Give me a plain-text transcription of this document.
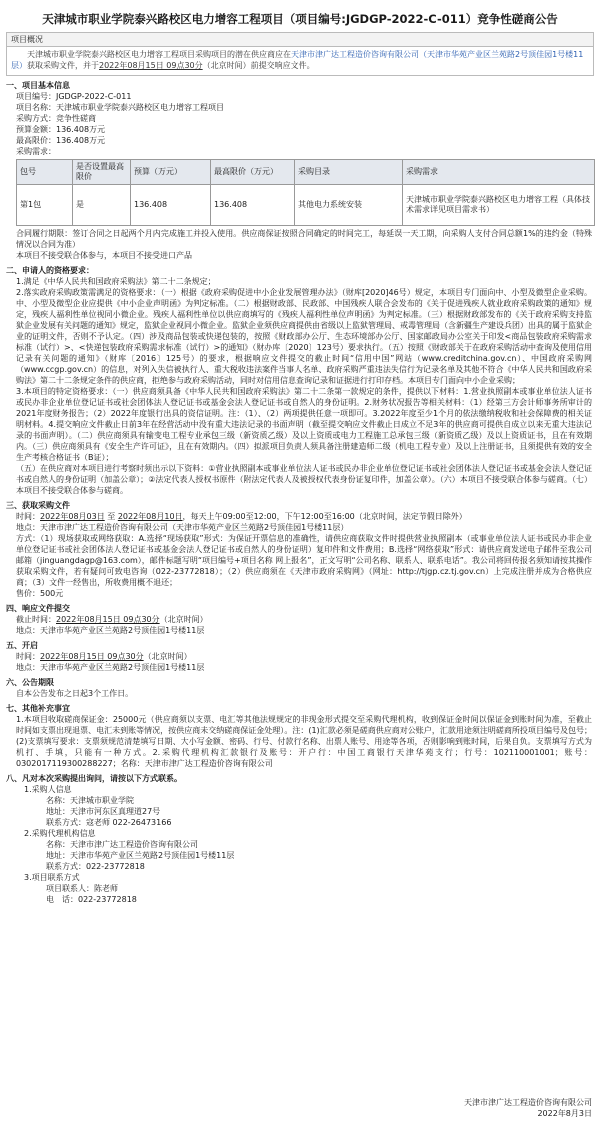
天津城市职业学院泰兴路校区电力增容工程项目（项目编号:JGDGP-2022-C-011）竞争性磋商公告
项目概况
天津城市职业学院泰兴路校区电力增容工程项目采购项目的潜在供应商应在天津市津广达工程造价咨询有限公司（天津市华苑产业区兰苑路2号顶佳园1号楼11层）获取采购文件，并于2022年08月15日 09点30分（北京时间）前提交响应文件。
一、项目基本信息
项目编号：JGDGP-2022-C-011
项目名称：天津城市职业学院泰兴路校区电力增容工程项目
采购方式：竞争性磋商
预算金额：136.408万元
最高限价：136.408万元
采购需求：
包号	是否设置最高限价	预算（万元）	最高限价（万元）	采购目录	采购需求
第1包	是	136.408	136.408	其他电力系统安装	天津城市职业学院泰兴路校区电力增容工程（具体技术需求详见项目需求书）
合同履行期限：签订合同之日起两个月内完成施工并投入使用。供应商保证按照合同确定的时间完工，每延误一天工期，向采购人支付合同总额1%的违约金（特殊情况以合同为准）
本项目不接受联合体参与，本项目不接受进口产品
二、申请人的资格要求：
1.满足《中华人民共和国政府采购法》第二十二条规定；
2.落实政府采购政策需满足的资格要求：（一）根据《政府采购促进中小企业发展管理办法》（财库[2020]46号）规定，本项目专门面向中、小型及微型企业采购。中、小型及微型企业应提供《中小企业声明函》为判定标准。（二）根据财政部、民政部、中国残疾人联合会发布的《关于促进残疾人就业政府采购政策的通知》规定，残疾人福利性单位视同小微企业。残疾人福利性单位以供应商填写的《残疾人福利性单位声明函》为判定标准。（三）根据财政部发布的《关于政府采购支持监狱企业发展有关问题的通知》规定，监狱企业视同小微企业。监狱企业须供应商提供由省级以上监狱管理局、戒毒管理局（含新疆生产建设兵团）出具的属于监狱企业的证明文件，否则不予认定。（四）涉及商品包装或快递包装的，按照《财政部办公厅、生态环境部办公厅、国家邮政局办公室关于印发<商品包装政府采购需求标准（试行）>、<快递包装政府采购需求标准（试行）>的通知》（财办库〔2020〕123号）要求执行。（五）按照《财政部关于在政府采购活动中查询及使用信用记录有关问题的通知》（财库〔2016〕125号）的要求，根据响应文件提交的截止时间“信用中国”网站（www.creditchina.gov.cn）、中国政府采购网（www.ccgp.gov.cn）的信息，对列入失信被执行人、重大税收违法案件当事人名单、政府采购严重违法失信行为记录名单及其他不符合《中华人民共和国政府采购法》第二十二条规定条件的供应商，拒绝参与政府采购活动，同时对信用信息查询记录和证据进行打印存档。本项目专门面向中小企业采购；
3.本项目的特定资格要求：（一）供应商须具备《中华人民共和国政府采购法》第二十二条第一款规定的条件，提供以下材料：1.营业执照副本或事业单位法人证书或民办非企业单位登记证书或社会团体法人登记证书或基金会法人登记证书或自然人的身份证明。2.财务状况报告等相关材料：（1）经第三方会计师事务所审计的2021年度财务报告；（2）2022年度银行出具的资信证明。注：（1）、（2）两项提供任意一项即可。3.2022年度至少1个月的依法缴纳税收和社会保障费的相关证明材料。4.提交响应文件截止日前3年在经营活动中没有重大违法记录的书面声明（截至提交响应文件截止日成立不足3年的供应商可提供自成立以来无重大违法记录的书面声明）。（二）供应商须具有输变电工程专业承包三级（新资质乙级）及以上资质或电力工程施工总承包三级（新资质乙级）及以上资质证书，且在有效期内。（三）供应商须具有《安全生产许可证》，且在有效期内。（四）拟派项目负责人须具备注册建造师二级（机电工程专业）及以上注册证书，且须提供有效的安全生产考核合格证书（B证）；
（五）在供应商对本项目进行考察时须出示以下资料：①营业执照副本或事业单位法人证书或民办非企业单位登记证书或社会团体法人登记证书或基金会法人登记证书或自然人的身份证明（加盖公章）；②法定代表人授权书原件（附法定代表人及被授权代表身份证复印件，加盖公章）。（六）本项目不接受联合体参与磋商。（七）本项目不接受联合体参与磋商。
三、获取采购文件
时间：2022年08月03日 至 2022年08月10日，每天上午09:00至12:00，下午12:00至16:00（北京时间，法定节假日除外）
地点：天津市津广达工程造价咨询有限公司（天津市华苑产业区兰苑路2号顶佳园1号楼11层）
方式：（1）现场获取或网络获取：A.选择“现场获取”形式：为保证开票信息的准确性，请供应商获取文件时提供营业执照副本（或事业单位法人证书或民办非企业单位登记证书或社会团体法人登记证书或基金会法人登记证书或自然人的身份证明）复印件和文件费用；B.选择“网络获取”形式：请供应商发送电子邮件至我公司邮箱（jinguangdagp@163.com），邮件标题写明“项目编号+项目名称 网上报名”，正文写明“公司名称、联系人、联系电话”。我公司将回传报名须知请按其操作获取采购文件，若有疑问可致电咨询（022-23772818）；（2）供应商须在《天津市政府采购网》（网址：http://tjgp.cz.tj.gov.cn）上完成注册并成为合格供应商；（3）文件一经售出，所收费用概不退还；
售价：500元
四、响应文件提交
截止时间：2022年08月15日 09点30分（北京时间）
地点：天津市华苑产业区兰苑路2号顶佳园1号楼11层
五、开启
时间：2022年08月15日 09点30分（北京时间）
地点：天津市华苑产业区兰苑路2号顶佳园1号楼11层
六、公告期限
自本公告发布之日起3个工作日。
七、其他补充事宜
1.本项目收取磋商保证金：25000元（供应商须以支票、电汇等其他法规规定的非现金形式提交至采购代理机构，收到保证金时间以保证金到账时间为准，至截止时间如支票出现退票、电汇未到账等情况，按供应商未交纳磋商保证金处理）。注：(1)汇款必须是磋商供应商对公账户，汇款用途须注明磋商所投项目编号及包号；(2)支票填写要求：支票须规范清楚填写日期、大小写金额、密码、行号、付款行名称、出票人账号、用途等各项，否则影响到账时间，后果自负。支票填写方式为机打、手填，只能有一种方式。2.采购代理机构汇款银行及账号：开户行：中国工商银行天津华苑支行；行号：102110001001；账号：0302017119300288227；名称：天津市津广达工程造价咨询有限公司
八、凡对本次采购提出询问，请按以下方式联系。
1.采购人信息
名称：天津城市职业学院
地址：天津市河东区真理道27号
联系方式：寇老师 022-26473166
2.采购代理机构信息
名称：天津市津广达工程造价咨询有限公司
地址：天津市华苑产业区兰苑路2号顶佳园1号楼11层
联系方式：022-23772818
3.项目联系方式
项目联系人：陈老师
电　话：022-23772818
天津市津广达工程造价咨询有限公司
2022年8月3日
